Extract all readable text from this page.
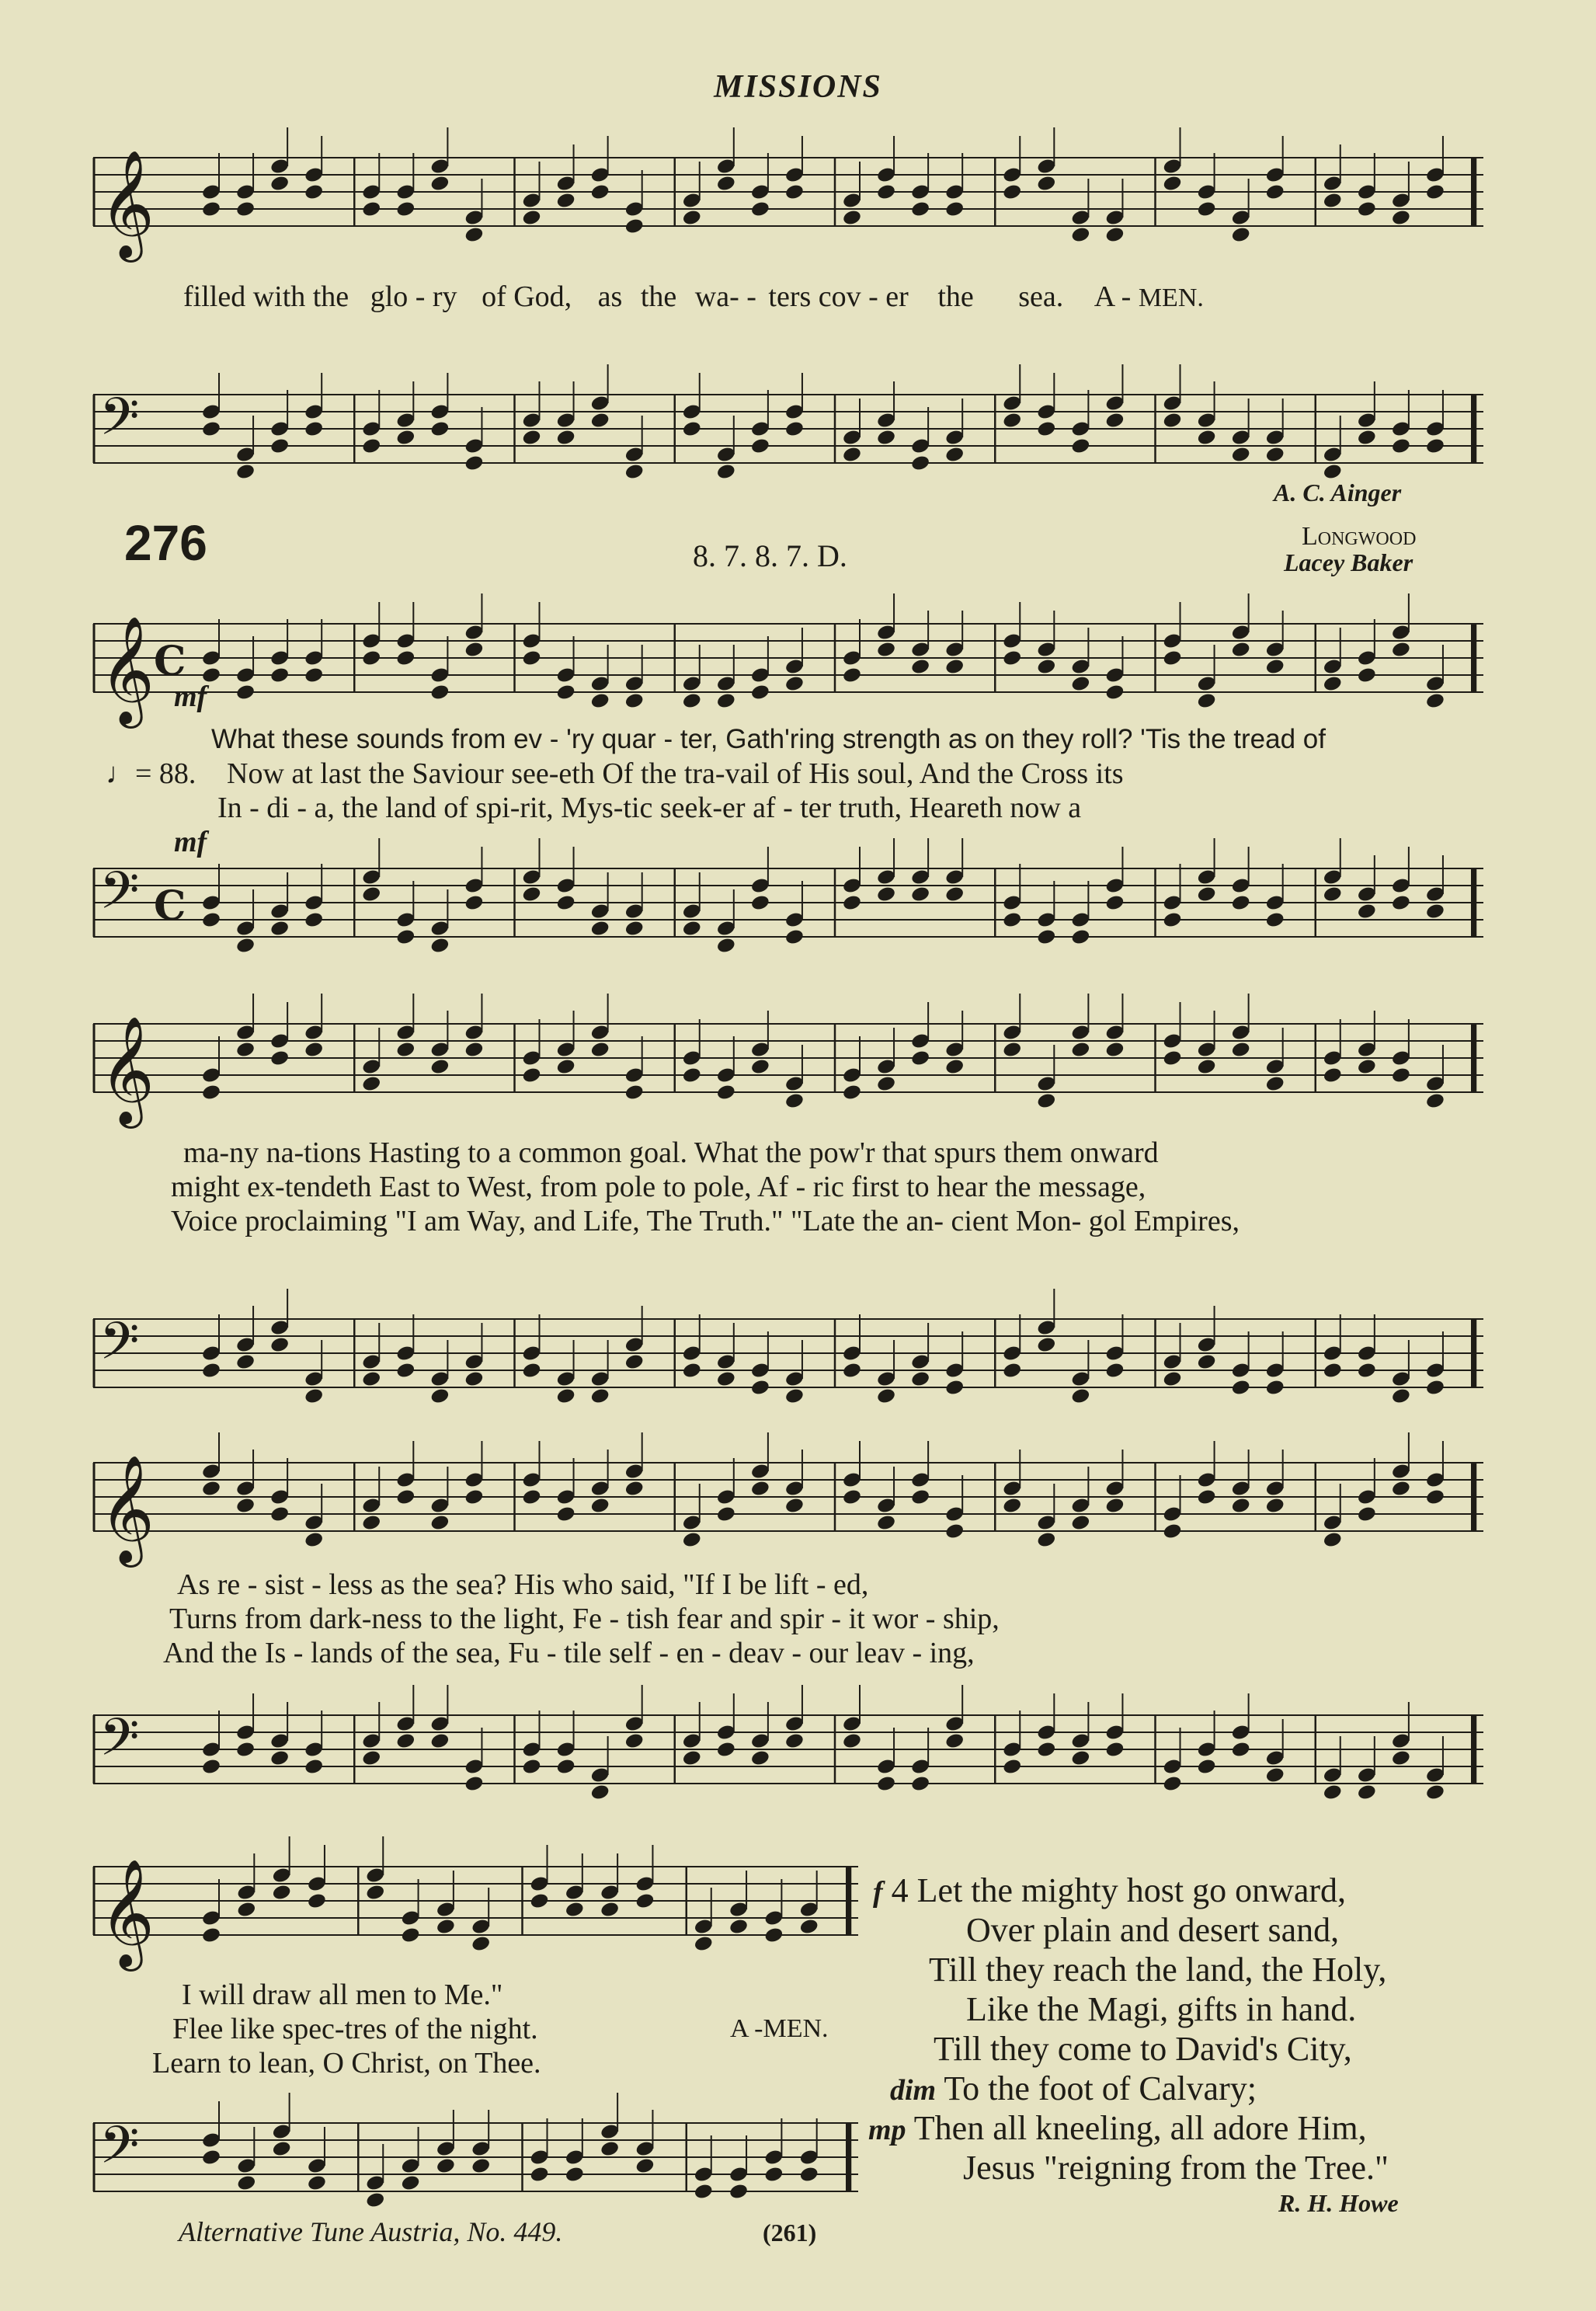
MISSIONS
𝄞
filled with the glo - ry of God, as the wa- - ters cov - er the sea. A - MEN.
𝄢
A. C. Ainger
276	8. 7. 8. 7. D.
Longwood
Lacey Baker
𝄞 C
mf
What these sounds from ev - 'ry quar - ter, Gath'ring strength as on they roll? 'Tis the tread of
♩= 88. Now at last the Saviour see-eth Of the tra-vail of His soul, And the Cross its
In - di - a, the land of spi-rit, Mys-tic seek-er af - ter truth, Heareth now a
mf
𝄢 C
𝄞
ma-ny na-tions Hasting to a common goal. What the pow'r that spurs them onward
might ex-tendeth East to West, from pole to pole, Af - ric first to hear the message,
Voice proclaiming "I am Way, and Life, The Truth." "Late the an- cient Mon- gol Empires,
𝄢
𝄞
As re - sist - less as the sea? His who said, "If I be lift - ed,
Turns from dark-ness to the light, Fe - tish fear and spir - it wor - ship,
And the Is - lands of the sea, Fu - tile self - en - deav - our leav - ing,
𝄢
𝄞
I will draw all men to Me."
Flee like spec-tres of the night.
Learn to lean, O Christ, on Thee.
A -MEN.
𝄢
f 4 Let the mighty host go onward,
Over plain and desert sand,
Till they reach the land, the Holy,
Like the Magi, gifts in hand.
Till they come to David's City,
dim To the foot of Calvary;
mp Then all kneeling, all adore Him,
Jesus "reigning from the Tree."
R. H. Howe
Alternative Tune Austria, No. 449.	(261)
